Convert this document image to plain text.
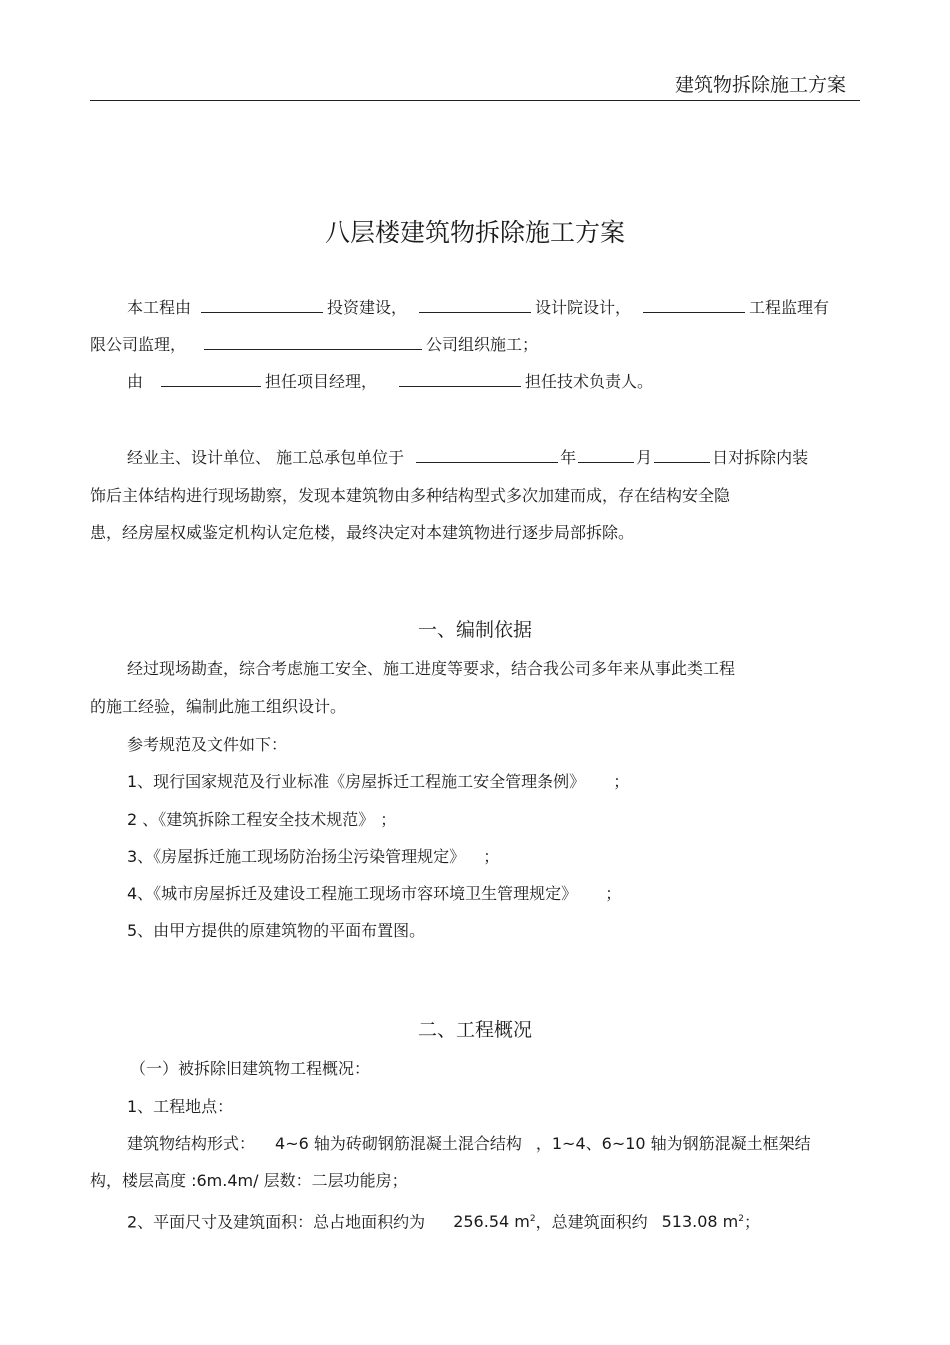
建筑物拆除施工方案
八层楼建筑物拆除施工方案
本工程由	投资建设，	设计院设计，	工程监理有
限公司监理，	公司组织施工；
由	担任项目经理，	担任技术负责人。
经业主、设计单位、 施工总承包单位于	年	月	日对拆除内装
饰后主体结构进行现场勘察，发现本建筑物由多种结构型式多次加建而成，存在结构安全隐
患，经房屋权威鉴定机构认定危楼，最终决定对本建筑物进行逐步局部拆除。
一、编制依据
经过现场勘查，综合考虑施工安全、施工进度等要求，结合我公司多年来从事此类工程
的施工经验，编制此施工组织设计。
参考规范及文件如下：
1、现行国家规范及行业标准《房屋拆迁工程施工安全管理条例》 ；
2 、《建筑拆除工程安全技术规范》 ；
3、《房屋拆迁施工现场防治扬尘污染管理规定》 ；
4、《城市房屋拆迁及建设工程施工现场市容环境卫生管理规定》 ；
5、由甲方提供的原建筑物的平面布置图。
二、工程概况
（一）被拆除旧建筑物工程概况：
1、工程地点：
建筑物结构形式： 4~6 轴为砖砌钢筋混凝土混合结构 ，1~4、6~10 轴为钢筋混凝土框架结
构，楼层高度 :6m.4m/ 层数：二层功能房；
2、平面尺寸及建筑面积：总占地面积约为 256.54 $m^2$，总建筑面积约 513.08 $m^2$；
